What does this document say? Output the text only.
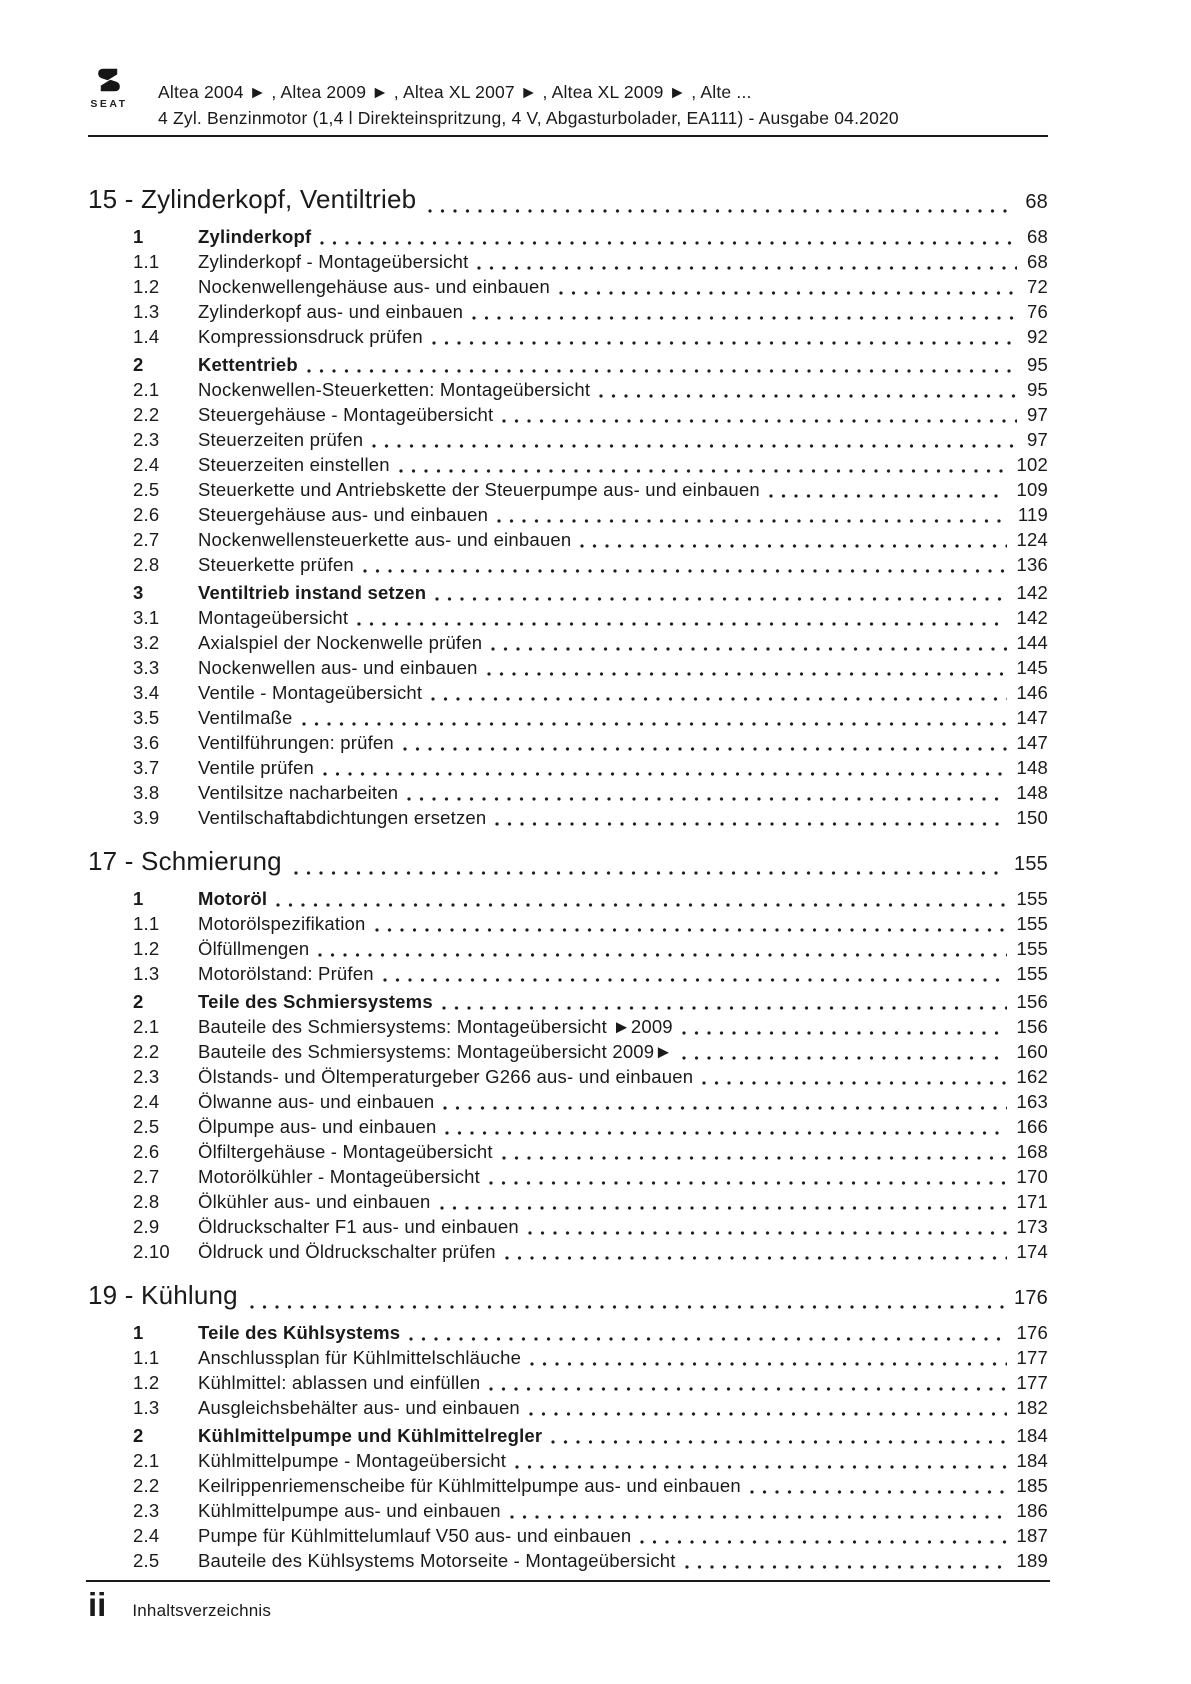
SEAT
Altea 2004 ► , Altea 2009 ► , Altea XL 2007 ► , Altea XL 2009 ► , Alte ...
4 Zyl. Benzinmotor (1,4 l Direkteinspritzung, 4 V, Abgasturbolader, EA111) - Ausgabe 04.2020
15 - Zylinderkopf, Ventiltrieb	68
1	Zylinderkopf	68
1.1	Zylinderkopf - Montageübersicht	68
1.2	Nockenwellengehäuse aus- und einbauen	72
1.3	Zylinderkopf aus- und einbauen	76
1.4	Kompressionsdruck prüfen	92
2	Kettentrieb	95
2.1	Nockenwellen-Steuerketten: Montageübersicht	95
2.2	Steuergehäuse - Montageübersicht	97
2.3	Steuerzeiten prüfen	97
2.4	Steuerzeiten einstellen	102
2.5	Steuerkette und Antriebskette der Steuerpumpe aus- und einbauen	109
2.6	Steuergehäuse aus- und einbauen	119
2.7	Nockenwellensteuerkette aus- und einbauen	124
2.8	Steuerkette prüfen	136
3	Ventiltrieb instand setzen	142
3.1	Montageübersicht	142
3.2	Axialspiel der Nockenwelle prüfen	144
3.3	Nockenwellen aus- und einbauen	145
3.4	Ventile - Montageübersicht	146
3.5	Ventilmaße	147
3.6	Ventilführungen: prüfen	147
3.7	Ventile prüfen	148
3.8	Ventilsitze nacharbeiten	148
3.9	Ventilschaftabdichtungen ersetzen	150
17 - Schmierung	155
1	Motoröl	155
1.1	Motorölspezifikation	155
1.2	Ölfüllmengen	155
1.3	Motorölstand: Prüfen	155
2	Teile des Schmiersystems	156
2.1	Bauteile des Schmiersystems: Montageübersicht ►2009	156
2.2	Bauteile des Schmiersystems: Montageübersicht 2009►	160
2.3	Ölstands- und Öltemperaturgeber G266 aus- und einbauen	162
2.4	Ölwanne aus- und einbauen	163
2.5	Ölpumpe aus- und einbauen	166
2.6	Ölfiltergehäuse - Montageübersicht	168
2.7	Motorölkühler - Montageübersicht	170
2.8	Ölkühler aus- und einbauen	171
2.9	Öldruckschalter F1 aus- und einbauen	173
2.10	Öldruck und Öldruckschalter prüfen	174
19 - Kühlung	176
1	Teile des Kühlsystems	176
1.1	Anschlussplan für Kühlmittelschläuche	177
1.2	Kühlmittel: ablassen und einfüllen	177
1.3	Ausgleichsbehälter aus- und einbauen	182
2	Kühlmittelpumpe und Kühlmittelregler	184
2.1	Kühlmittelpumpe - Montageübersicht	184
2.2	Keilrippenriemenscheibe für Kühlmittelpumpe aus- und einbauen	185
2.3	Kühlmittelpumpe aus- und einbauen	186
2.4	Pumpe für Kühlmittelumlauf V50 aus- und einbauen	187
2.5	Bauteile des Kühlsystems Motorseite - Montageübersicht	189
ii Inhaltsverzeichnis
